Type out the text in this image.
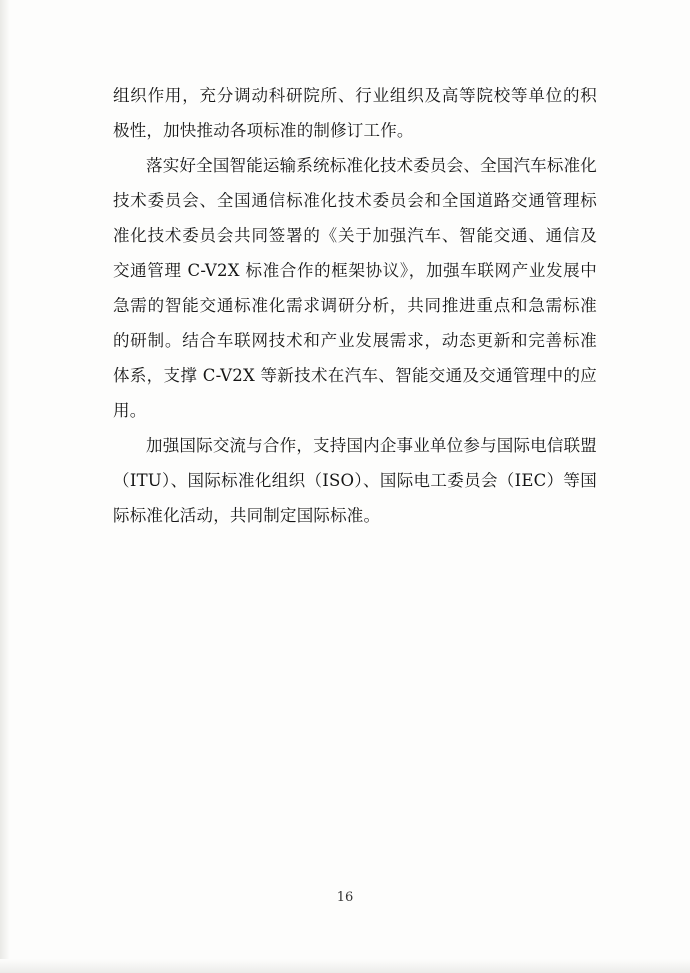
组织作用，充分调动科研院所、行业组织及高等院校等单位的积极性，加快推动各项标准的制修订工作。

落实好全国智能运输系统标准化技术委员会、全国汽车标准化技术委员会、全国通信标准化技术委员会和全国道路交通管理标准化技术委员会共同签署的《关于加强汽车、智能交通、通信及交通管理 C-V2X 标准合作的框架协议》，加强车联网产业发展中急需的智能交通标准化需求调研分析，共同推进重点和急需标准的研制。结合车联网技术和产业发展需求，动态更新和完善标准体系，支撑 C-V2X 等新技术在汽车、智能交通及交通管理中的应用。

加强国际交流与合作，支持国内企事业单位参与国际电信联盟（ITU）、国际标准化组织（ISO）、国际电工委员会（IEC）等国际标准化活动，共同制定国际标准。

16
